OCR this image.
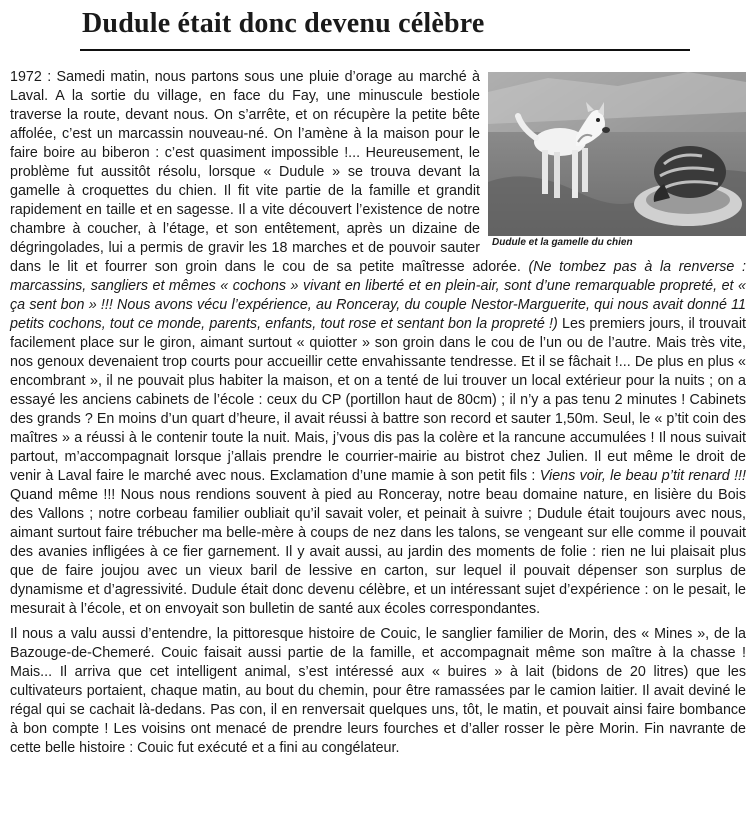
Dudule était donc devenu célèbre
Dudule et la gamelle du chien

1972 : Samedi matin, nous partons sous une pluie d’orage au marché à Laval. A la sortie du village, en face du Fay, une minuscule bestiole traverse la route, devant nous. On s’arrête, et on récupère la petite bête affolée, c’est un marcassin nouveau-né. On l’amène à la maison pour le faire boire au biberon : c’est quasiment impossible !... Heureusement, le problème fut aussitôt résolu, lorsque « Dudule » se trouva devant la gamelle à croquettes du chien. Il fit vite partie de la famille et grandit rapidement en taille et en sagesse. Il a vite découvert l’existence de notre chambre à coucher, à l’étage, et son entêtement, après un dizaine de dégringolades, lui a permis de gravir les 18 marches et de pouvoir sauter dans le lit et fourrer son groin dans le cou de sa petite maîtresse adorée. (Ne tombez pas à la renverse : marcassins, sangliers et mêmes « cochons » vivant en liberté et en plein-air, sont d’une remarquable propreté, et « ça sent bon » !!! Nous avons vécu l’expérience, au Ronceray, du couple Nestor-Marguerite, qui nous avait donné 11 petits cochons, tout ce monde, parents, enfants, tout rose et sentant bon la propreté !) Les premiers jours, il trouvait facilement place sur le giron, aimant surtout « quiotter » son groin dans le cou de l’un ou de l’autre. Mais très vite, nos genoux devenaient trop courts pour accueillir cette envahissante tendresse. Et il se fâchait !... De plus en plus « encombrant », il ne pouvait plus habiter la maison, et on a tenté de lui trouver un local extérieur pour la nuits ; on a essayé les anciens cabinets de l’école : ceux du CP (portillon haut de 80cm) ; il n’y a pas tenu 2 minutes ! Cabinets des grands ? En moins d’un quart d’heure, il avait réussi à battre son record et sauter 1,50m. Seul, le « p’tit coin des maîtres » a réussi à le contenir toute la nuit. Mais, j’vous dis pas la colère et la rancune accumulées ! Il nous suivait partout, m’accompagnait lorsque j’allais prendre le courrier-mairie au bistrot chez Julien. Il eut même le droit de venir à Laval faire le marché avec nous. Exclamation d’une mamie à son petit fils : Viens voir, le beau p’tit renard !!! Quand même !!! Nous nous rendions souvent à pied au Ronceray, notre beau domaine nature, en lisière du Bois des Vallons ; notre corbeau familier oubliait qu’il savait voler, et peinait à suivre ; Dudule était toujours avec nous, aimant surtout faire trébucher ma belle-mère à coups de nez dans les talons, se vengeant sur elle comme il pouvait des avanies infligées à ce fier garnement. Il y avait aussi, au jardin des moments de folie : rien ne lui plaisait plus que de faire joujou avec un vieux baril de lessive en carton, sur lequel il pouvait dépenser son surplus de dynamisme et d’agressivité. Dudule était donc devenu célèbre, et un intéressant sujet d’expérience : on le pesait, le mesurait à l’école, et on envoyait son bulletin de santé aux écoles correspondantes.

Il nous a valu aussi d’entendre, la pittoresque histoire de Couic, le sanglier familier de Morin, des « Mines », de la Bazouge-de-Chemeré. Couic faisait aussi partie de la famille, et accompagnait même son maître à la chasse ! Mais... Il arriva que cet intelligent animal, s’est intéressé aux « buires » à lait (bidons de 20 litres) que les cultivateurs portaient, chaque matin, au bout du chemin, pour être ramassées par le camion laitier. Il avait deviné le régal qui se cachait là-dedans. Pas con, il en renversait quelques uns, tôt, le matin, et pouvait ainsi faire bombance à bon compte ! Les voisins ont menacé de prendre leurs fourches et d’aller rosser le père Morin. Fin navrante de cette belle histoire : Couic fut exécuté et a fini au congélateur.
